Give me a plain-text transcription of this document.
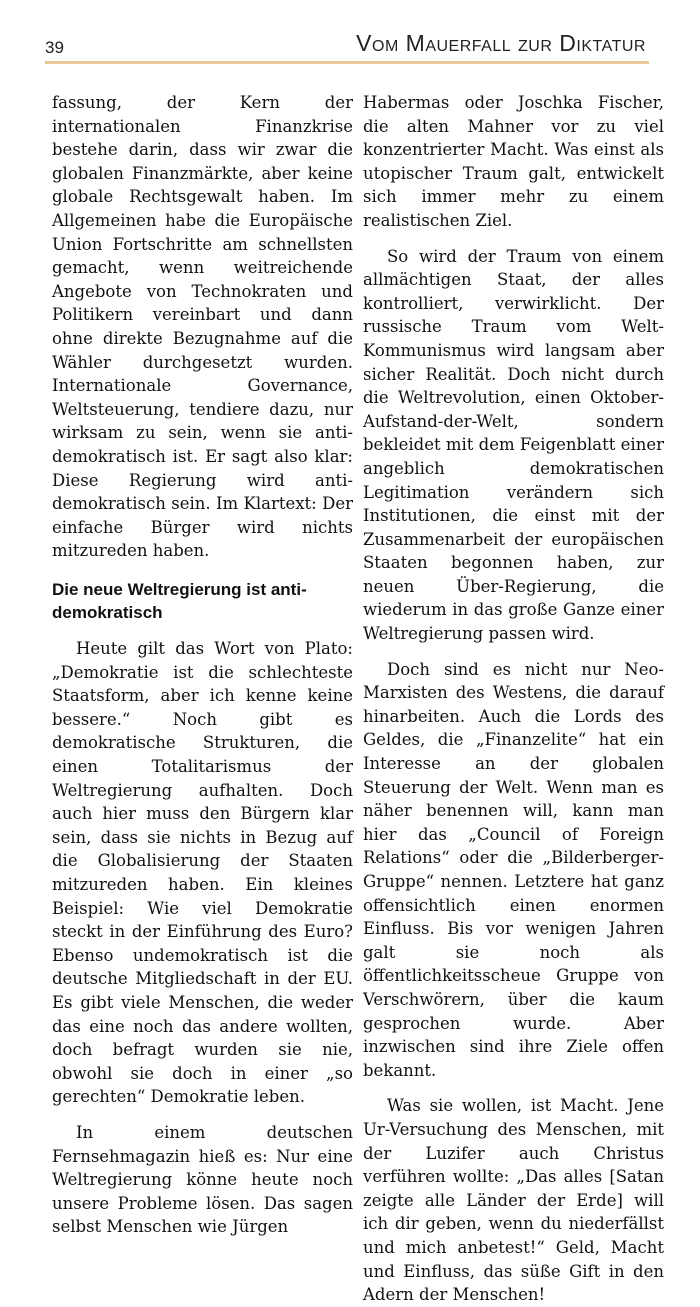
39	Vom Mauerfall zur Diktatur

fassung, der Kern der internationalen Finanzkrise bestehe darin, dass wir zwar die globalen Finanzmärkte, aber keine globale Rechtsgewalt haben. Im Allgemeinen habe die Europäische Union Fortschritte am schnellsten gemacht, wenn weitreichende Angebote von Technokraten und Politikern vereinbart und dann ohne direkte Bezugnahme auf die Wähler durchgesetzt wurden. Internationale Governance, Weltsteuerung, tendiere dazu, nur wirksam zu sein, wenn sie anti-demokratisch ist. Er sagt also klar: Diese Regierung wird anti-demokratisch sein. Im Klartext: Der einfache Bürger wird nichts mitzureden haben.

Die neue Weltregierung ist anti-demokratisch

Heute gilt das Wort von Plato: „Demokratie ist die schlechteste Staatsform, aber ich kenne keine bessere.“ Noch gibt es demokratische Strukturen, die einen Totalitarismus der Weltregierung aufhalten. Doch auch hier muss den Bürgern klar sein, dass sie nichts in Bezug auf die Globalisierung der Staaten mitzureden haben. Ein kleines Beispiel: Wie viel Demokratie steckt in der Einführung des Euro? Ebenso undemokratisch ist die deutsche Mitgliedschaft in der EU. Es gibt viele Menschen, die weder das eine noch das andere wollten, doch befragt wurden sie nie, obwohl sie doch in einer „so gerechten“ Demokratie leben.

In einem deutschen Fernsehmagazin hieß es: Nur eine Weltregierung könne heute noch unsere Probleme lösen. Das sagen selbst Menschen wie Jürgen

Habermas oder Joschka Fischer, die alten Mahner vor zu viel konzentrierter Macht. Was einst als utopischer Traum galt, entwickelt sich immer mehr zu einem realistischen Ziel.

So wird der Traum von einem allmächtigen Staat, der alles kontrolliert, verwirklicht. Der russische Traum vom Welt-Kommunismus wird langsam aber sicher Realität. Doch nicht durch die Weltrevolution, einen Oktober-Aufstand-der-Welt, sondern bekleidet mit dem Feigenblatt einer angeblich demokratischen Legitimation verändern sich Institutionen, die einst mit der Zusammenarbeit der europäischen Staaten begonnen haben, zur neuen Über-Regierung, die wiederum in das große Ganze einer Weltregierung passen wird.

Doch sind es nicht nur Neo-Marxisten des Westens, die darauf hinarbeiten. Auch die Lords des Geldes, die „Finanzelite“ hat ein Interesse an der globalen Steuerung der Welt. Wenn man es näher benennen will, kann man hier das „Council of Foreign Relations“ oder die „Bilderberger-Gruppe“ nennen. Letztere hat ganz offensichtlich einen enormen Einfluss. Bis vor wenigen Jahren galt sie noch als öffentlichkeitsscheue Gruppe von Verschwörern, über die kaum gesprochen wurde. Aber inzwischen sind ihre Ziele offen bekannt.

Was sie wollen, ist Macht. Jene Ur-Versuchung des Menschen, mit der Luzifer auch Christus verführen wollte: „Das alles [Satan zeigte alle Länder der Erde] will ich dir geben, wenn du niederfällst und mich anbetest!“ Geld, Macht und Einfluss, das süße Gift in den Adern der Menschen!
